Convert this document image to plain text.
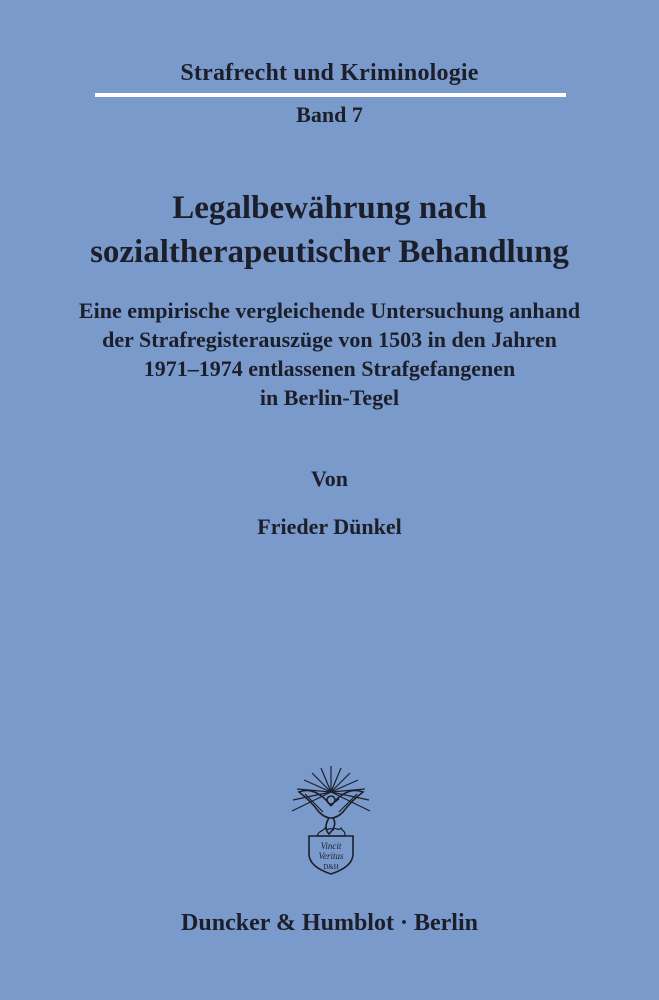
Strafrecht und Kriminologie
Band 7
Legalbewährung nach
sozialtherapeutischer Behandlung
Eine empirische vergleichende Untersuchung anhand
der Strafregisterauszüge von 1503 in den Jahren
1971–1974 entlassenen Strafgefangenen
in Berlin-Tegel
Von
Frieder Dünkel
Vincit
Veritas
D&H
Duncker & Humblot · Berlin
